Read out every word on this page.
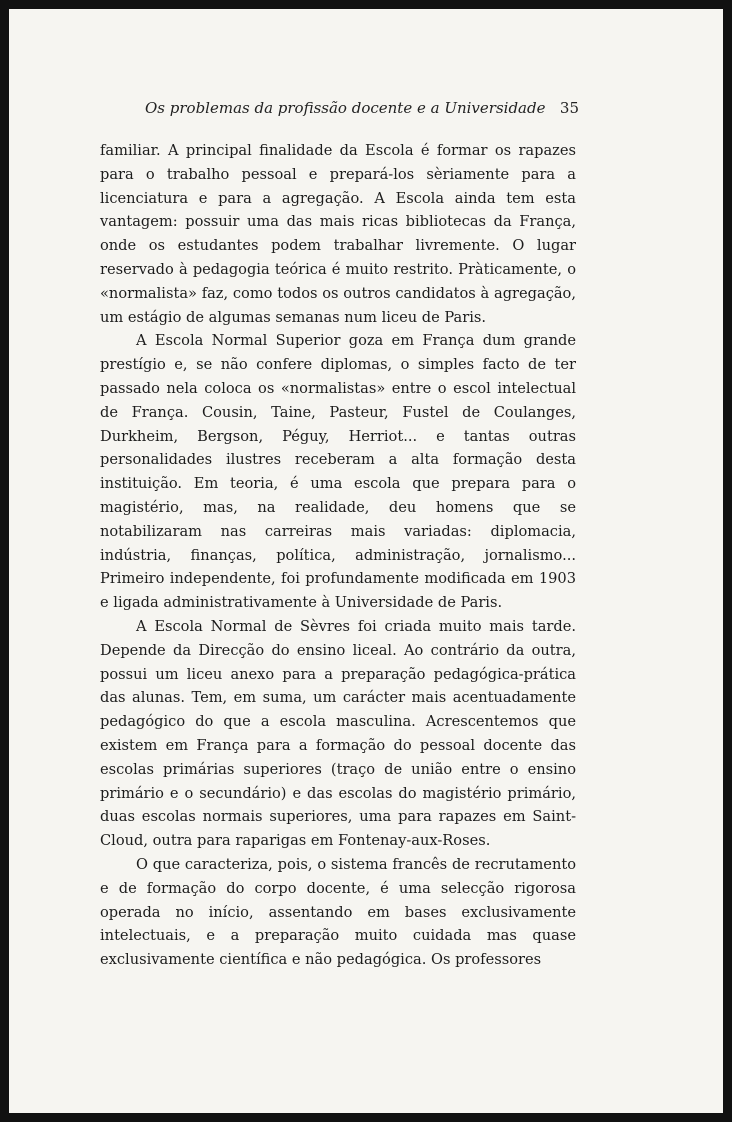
Os problemas da profissão docente e a Universidade 35

familiar. A principal finalidade da Escola é formar os rapazes para o trabalho pessoal e prepará-los sèriamente para a licenciatura e para a agregação. A Escola ainda tem esta vantagem: possuir uma das mais ricas bibliotecas da França, onde os estudantes podem trabalhar livremente. O lugar reservado à pedagogia teórica é muito restrito. Pràticamente, o «normalista» faz, como todos os outros candidatos à agregação, um estágio de algumas semanas num liceu de Paris.

A Escola Normal Superior goza em França dum grande prestígio e, se não confere diplomas, o simples facto de ter passado nela coloca os «normalistas» entre o escol intelectual de França. Cousin, Taine, Pasteur, Fustel de Coulanges, Durkheim, Bergson, Péguy, Herriot... e tantas outras personalidades ilustres receberam a alta formação desta instituição. Em teoria, é uma escola que prepara para o magistério, mas, na realidade, deu homens que se notabilizaram nas carreiras mais variadas: diplomacia, indústria, finanças, política, administração, jornalismo... Primeiro independente, foi profundamente modificada em 1903 e ligada administrativamente à Universidade de Paris.

A Escola Normal de Sèvres foi criada muito mais tarde. Depende da Direcção do ensino liceal. Ao contrário da outra, possui um liceu anexo para a preparação pedagógica-prática das alunas. Tem, em suma, um carácter mais acentuadamente pedagógico do que a escola masculina. Acrescentemos que existem em França para a formação do pessoal docente das escolas primárias superiores (traço de união entre o ensino primário e o secundário) e das escolas do magistério primário, duas escolas normais superiores, uma para rapazes em Saint-Cloud, outra para raparigas em Fontenay-aux-Roses.

O que caracteriza, pois, o sistema francês de recrutamento e de formação do corpo docente, é uma selecção rigorosa operada no início, assentando em bases exclusivamente intelectuais, e a preparação muito cuidada mas quase exclusivamente científica e não pedagógica. Os professores
